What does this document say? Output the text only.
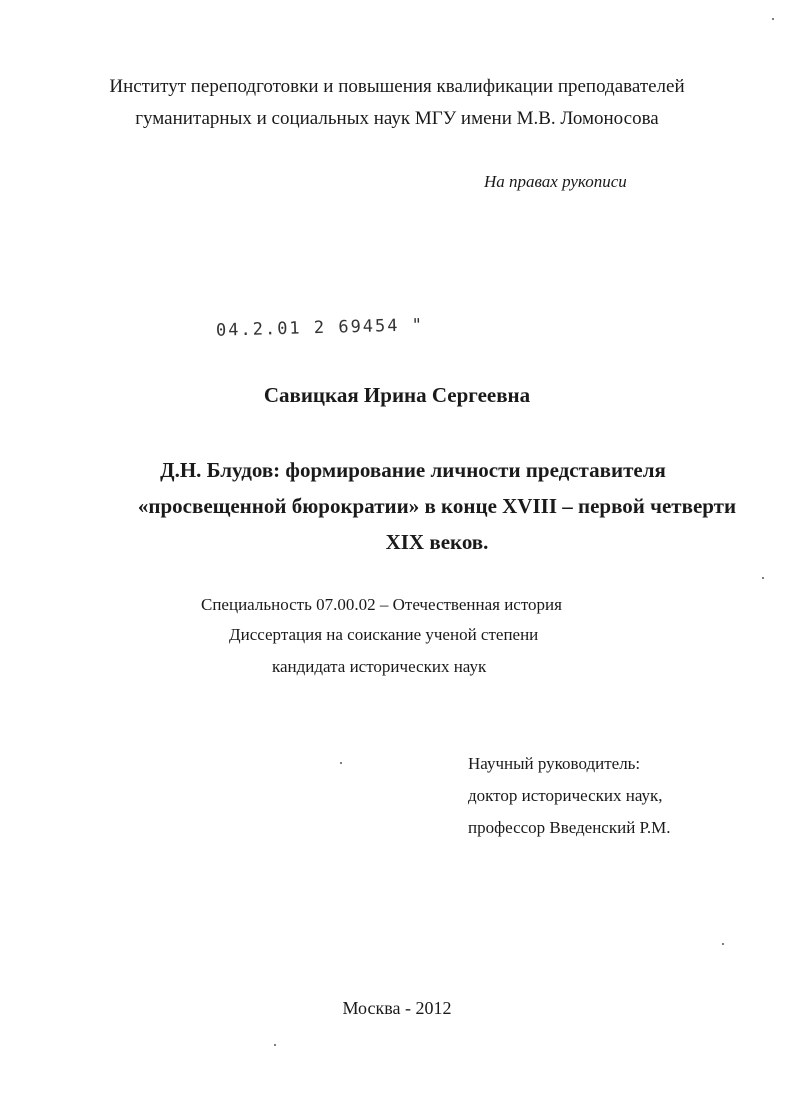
Институт переподготовки и повышения квалификации преподавателей
гуманитарных и социальных наук МГУ имени М.В. Ломоносова
На правах рукописи
04.2.01 2 69454 "
Савицкая Ирина Сергеевна
Д.Н. Блудов: формирование личности представителя
«просвещенной бюрократии» в конце XVIII – первой четверти
XIX веков.
Специальность 07.00.02 – Отечественная история
Диссертация на соискание ученой степени
кандидата исторических наук
Научный руководитель:
доктор исторических наук,
профессор Введенский Р.М.
Москва - 2012
